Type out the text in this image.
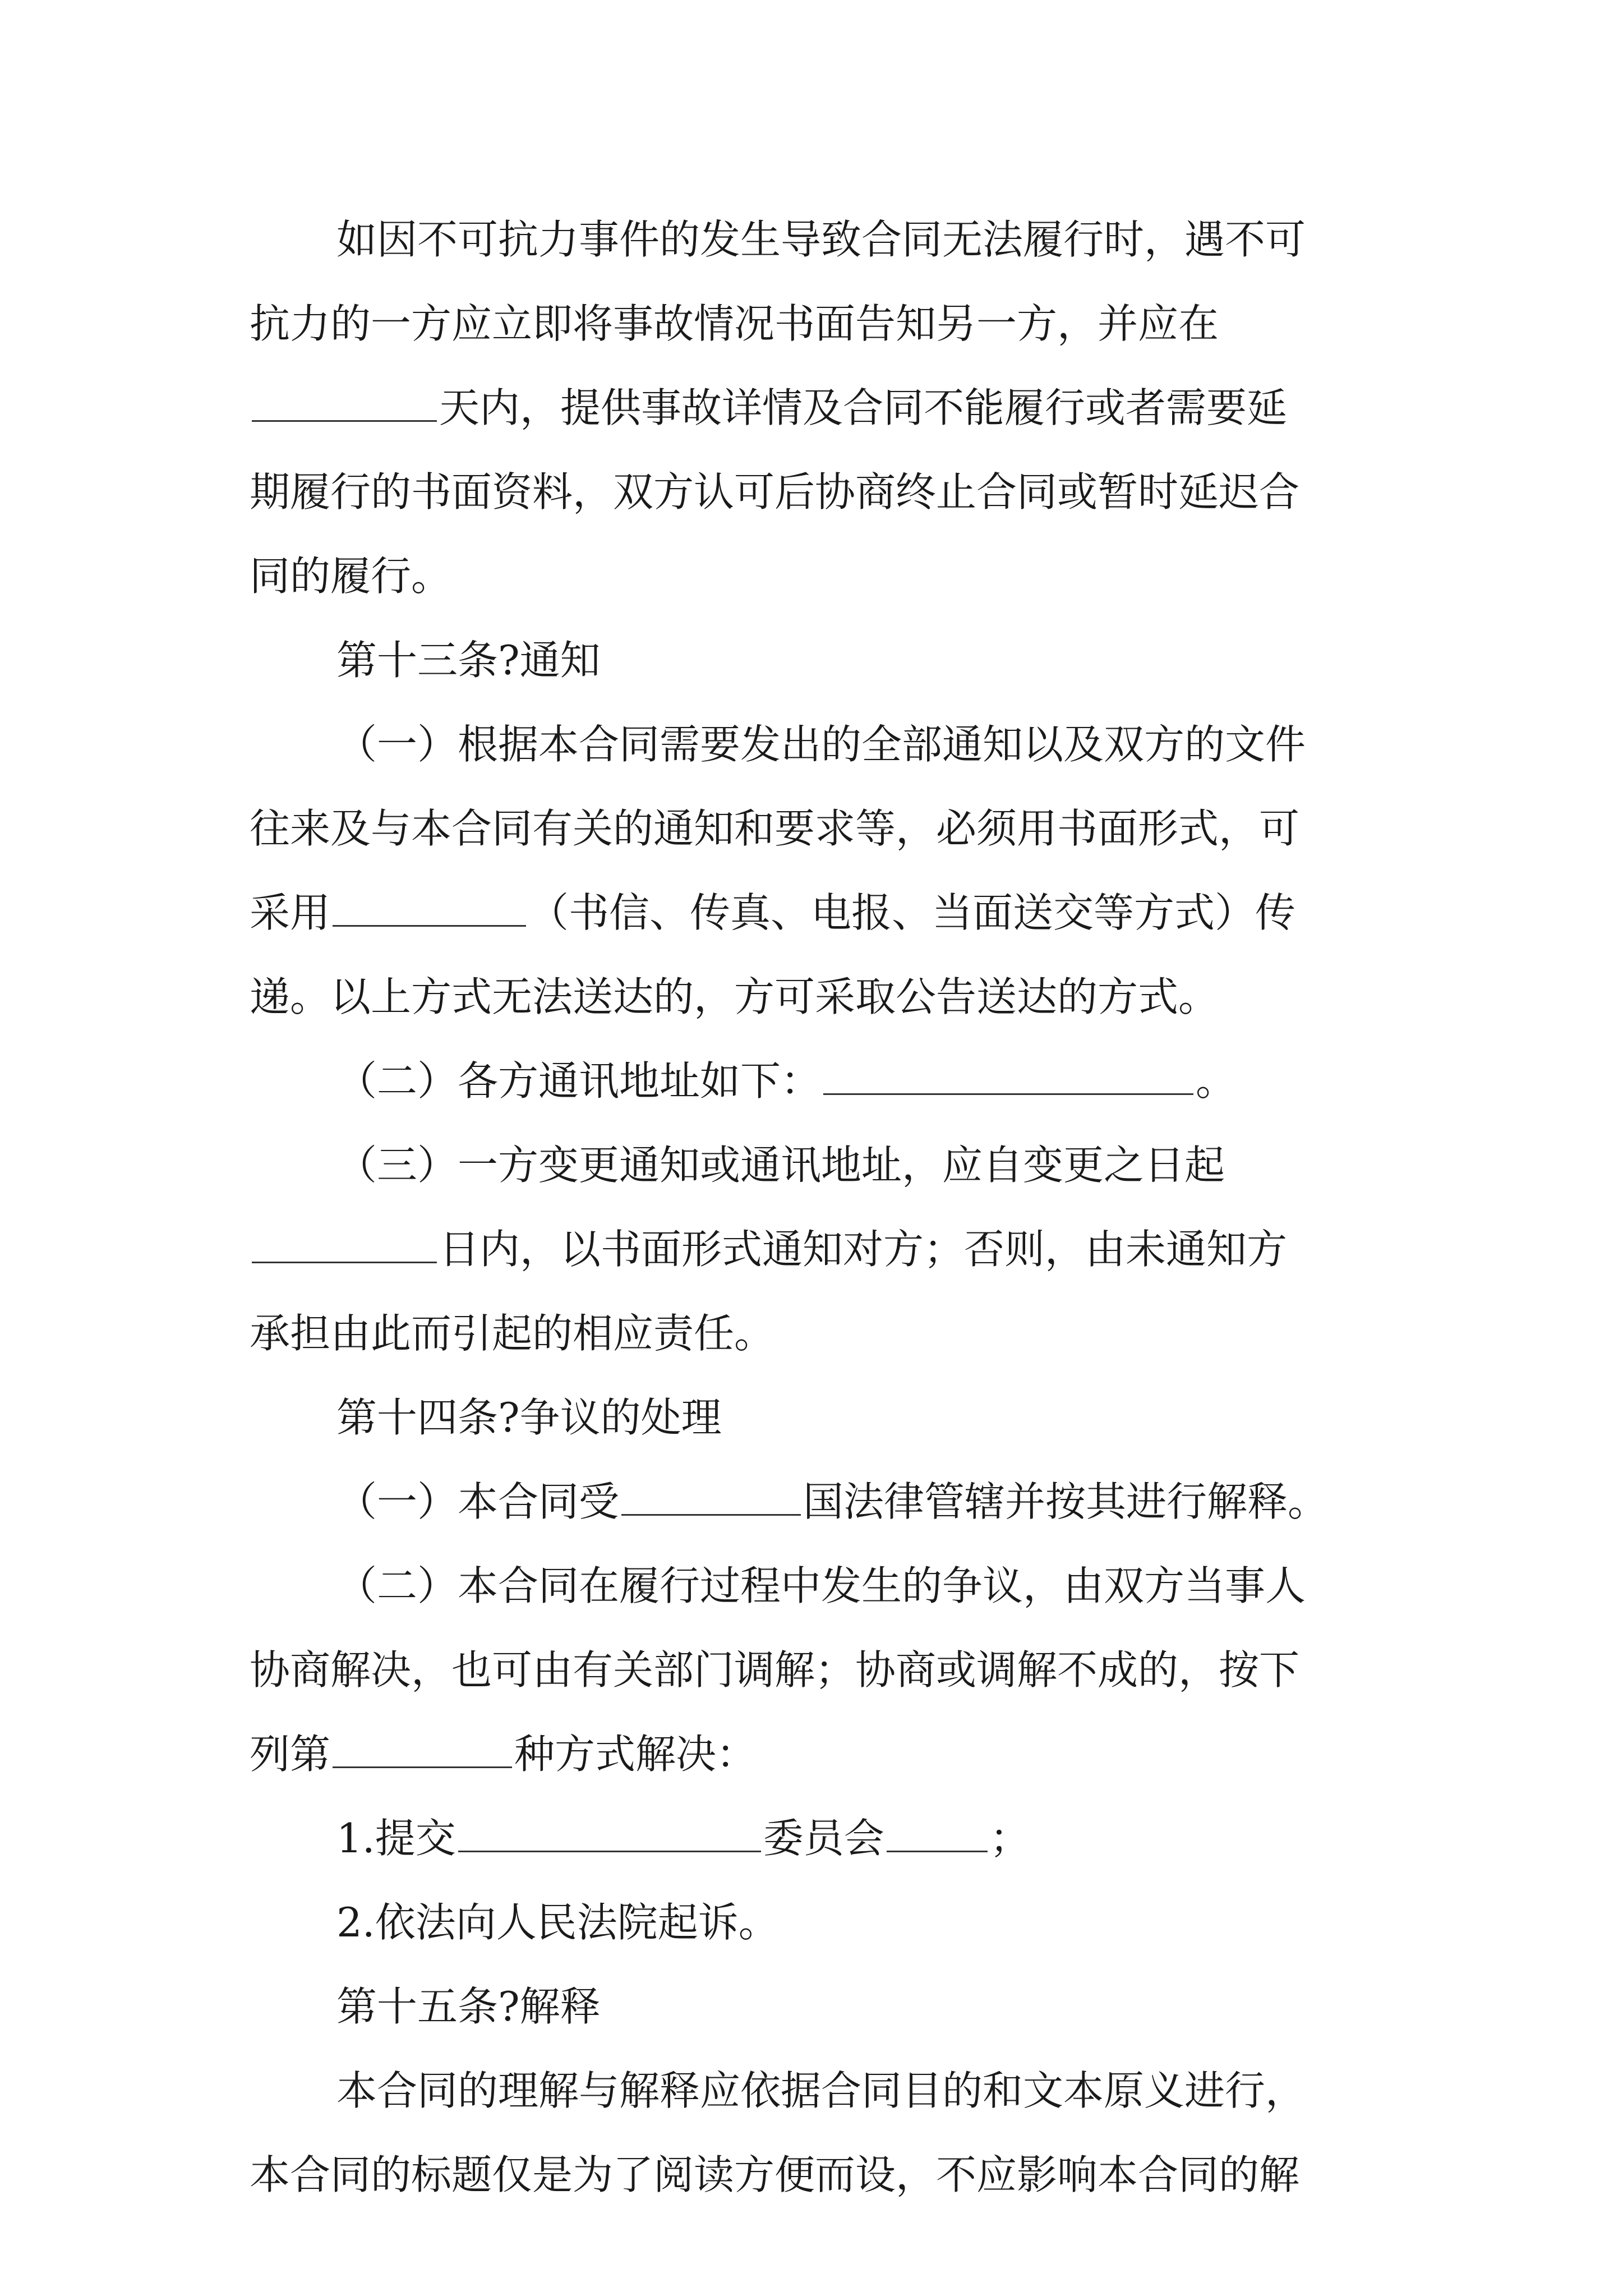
如因不可抗力事件的发生导致合同无法履行时，遇不可
抗力的一方应立即将事故情况书面告知另一方，并应在
天内，提供事故详情及合同不能履行或者需要延
期履行的书面资料，双方认可后协商终止合同或暂时延迟合
同的履行。
第十三条?通知
（一）根据本合同需要发出的全部通知以及双方的文件
往来及与本合同有关的通知和要求等，必须用书面形式，可
采用	（书信、传真、电报、当面送交等方式）传
递。以上方式无法送达的，方可采取公告送达的方式。
（二）各方通讯地址如下：	。
（三）一方变更通知或通讯地址，应自变更之日起
日内，以书面形式通知对方；否则，由未通知方
承担由此而引起的相应责任。
第十四条?争议的处理
（一）本合同受	国法律管辖并按其进行解释。
（二）本合同在履行过程中发生的争议，由双方当事人
协商解决，也可由有关部门调解；协商或调解不成的，按下
列第	种方式解决：
1.提交	委员会	；
2.依法向人民法院起诉。
第十五条?解释
本合同的理解与解释应依据合同目的和文本原义进行，
本合同的标题仅是为了阅读方便而设，不应影响本合同的解
